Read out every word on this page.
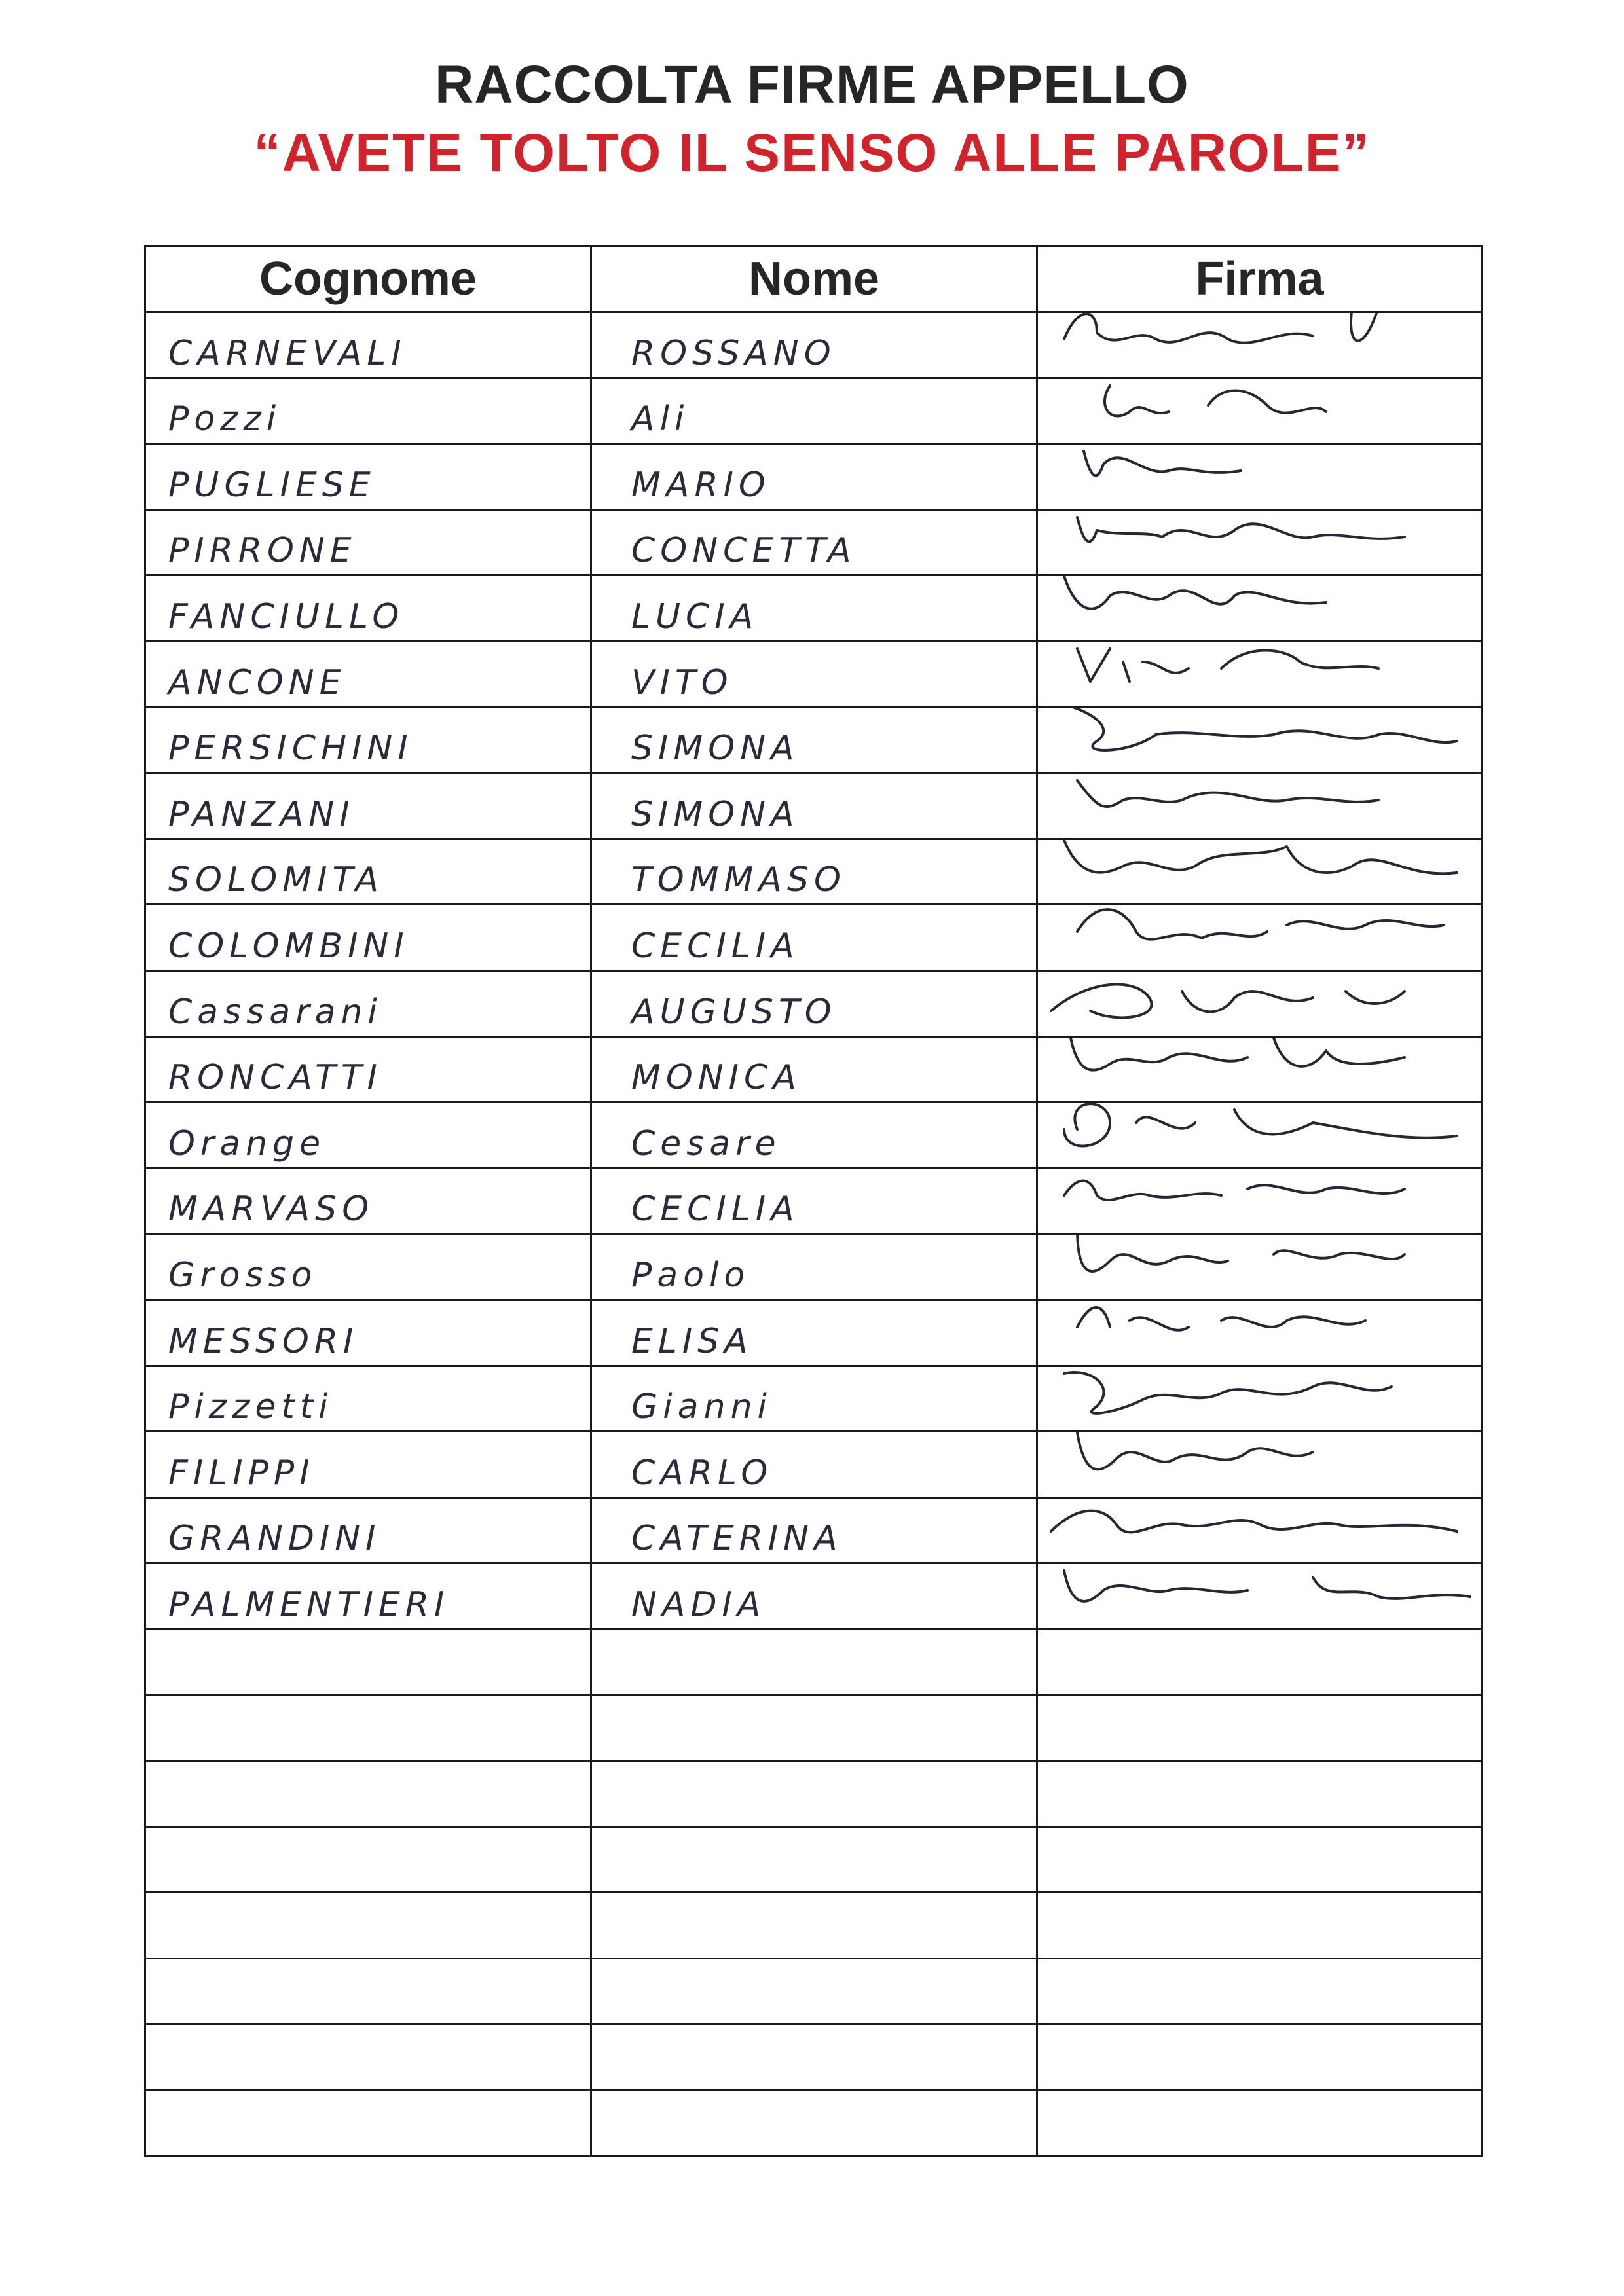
RACCOLTA FIRME APPELLO
“AVETE TOLTO IL SENSO ALLE PAROLE”
Cognome	Nome	Firma

CARNEVALI	ROSSANO

Pozzi	Ali

PUGLIESE	MARIO

PIRRONE	CONCETTA

FANCIULLO	LUCIA

ANCONE	VITO

PERSICHINI	SIMONA

PANZANI	SIMONA

SOLOMITA	TOMMASO

COLOMBINI	CECILIA

Cassarani	AUGUSTO

RONCATTI	MONICA

Orange	Cesare

MARVASO	CECILIA

Grosso	Paolo

MESSORI	ELISA

Pizzetti	Gianni

FILIPPI	CARLO

GRANDINI	CATERINA

PALMENTIERI	NADIA
